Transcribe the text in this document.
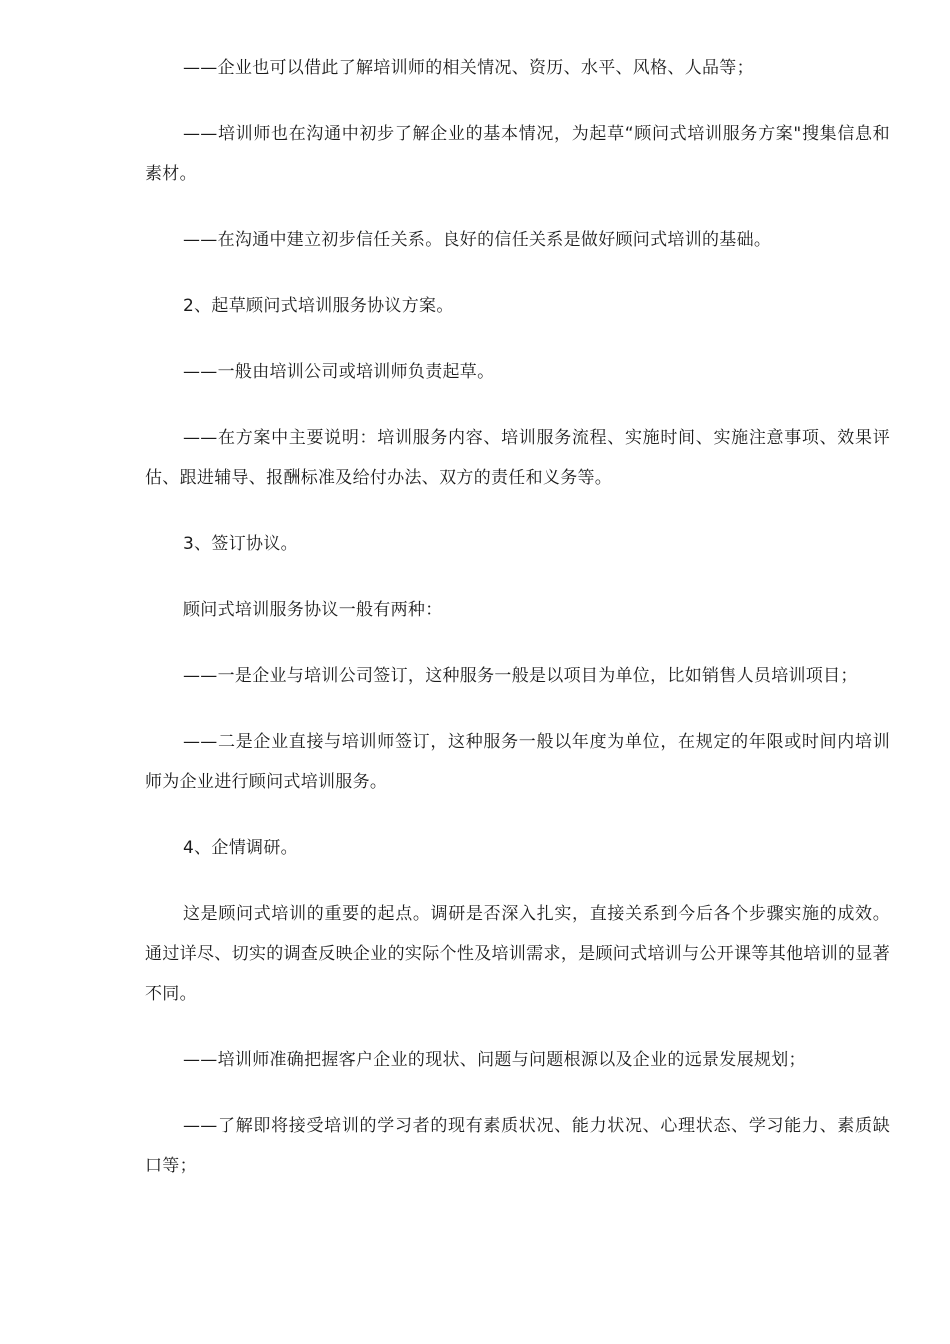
——企业也可以借此了解培训师的相关情况、资历、水平、风格、人品等；

——培训师也在沟通中初步了解企业的基本情况，为起草“顾问式培训服务方案"搜集信息和素材。

——在沟通中建立初步信任关系。良好的信任关系是做好顾问式培训的基础。

2、起草顾问式培训服务协议方案。

——一般由培训公司或培训师负责起草。

——在方案中主要说明：培训服务内容、培训服务流程、实施时间、实施注意事项、效果评估、跟进辅导、报酬标准及给付办法、双方的责任和义务等。

3、签订协议。

顾问式培训服务协议一般有两种：

——一是企业与培训公司签订，这种服务一般是以项目为单位，比如销售人员培训项目；

——二是企业直接与培训师签订，这种服务一般以年度为单位，在规定的年限或时间内培训师为企业进行顾问式培训服务。

4、企情调研。

这是顾问式培训的重要的起点。调研是否深入扎实，直接关系到今后各个步骤实施的成效。通过详尽、切实的调查反映企业的实际个性及培训需求，是顾问式培训与公开课等其他培训的显著不同。

——培训师准确把握客户企业的现状、问题与问题根源以及企业的远景发展规划；

——了解即将接受培训的学习者的现有素质状况、能力状况、心理状态、学习能力、素质缺口等；
